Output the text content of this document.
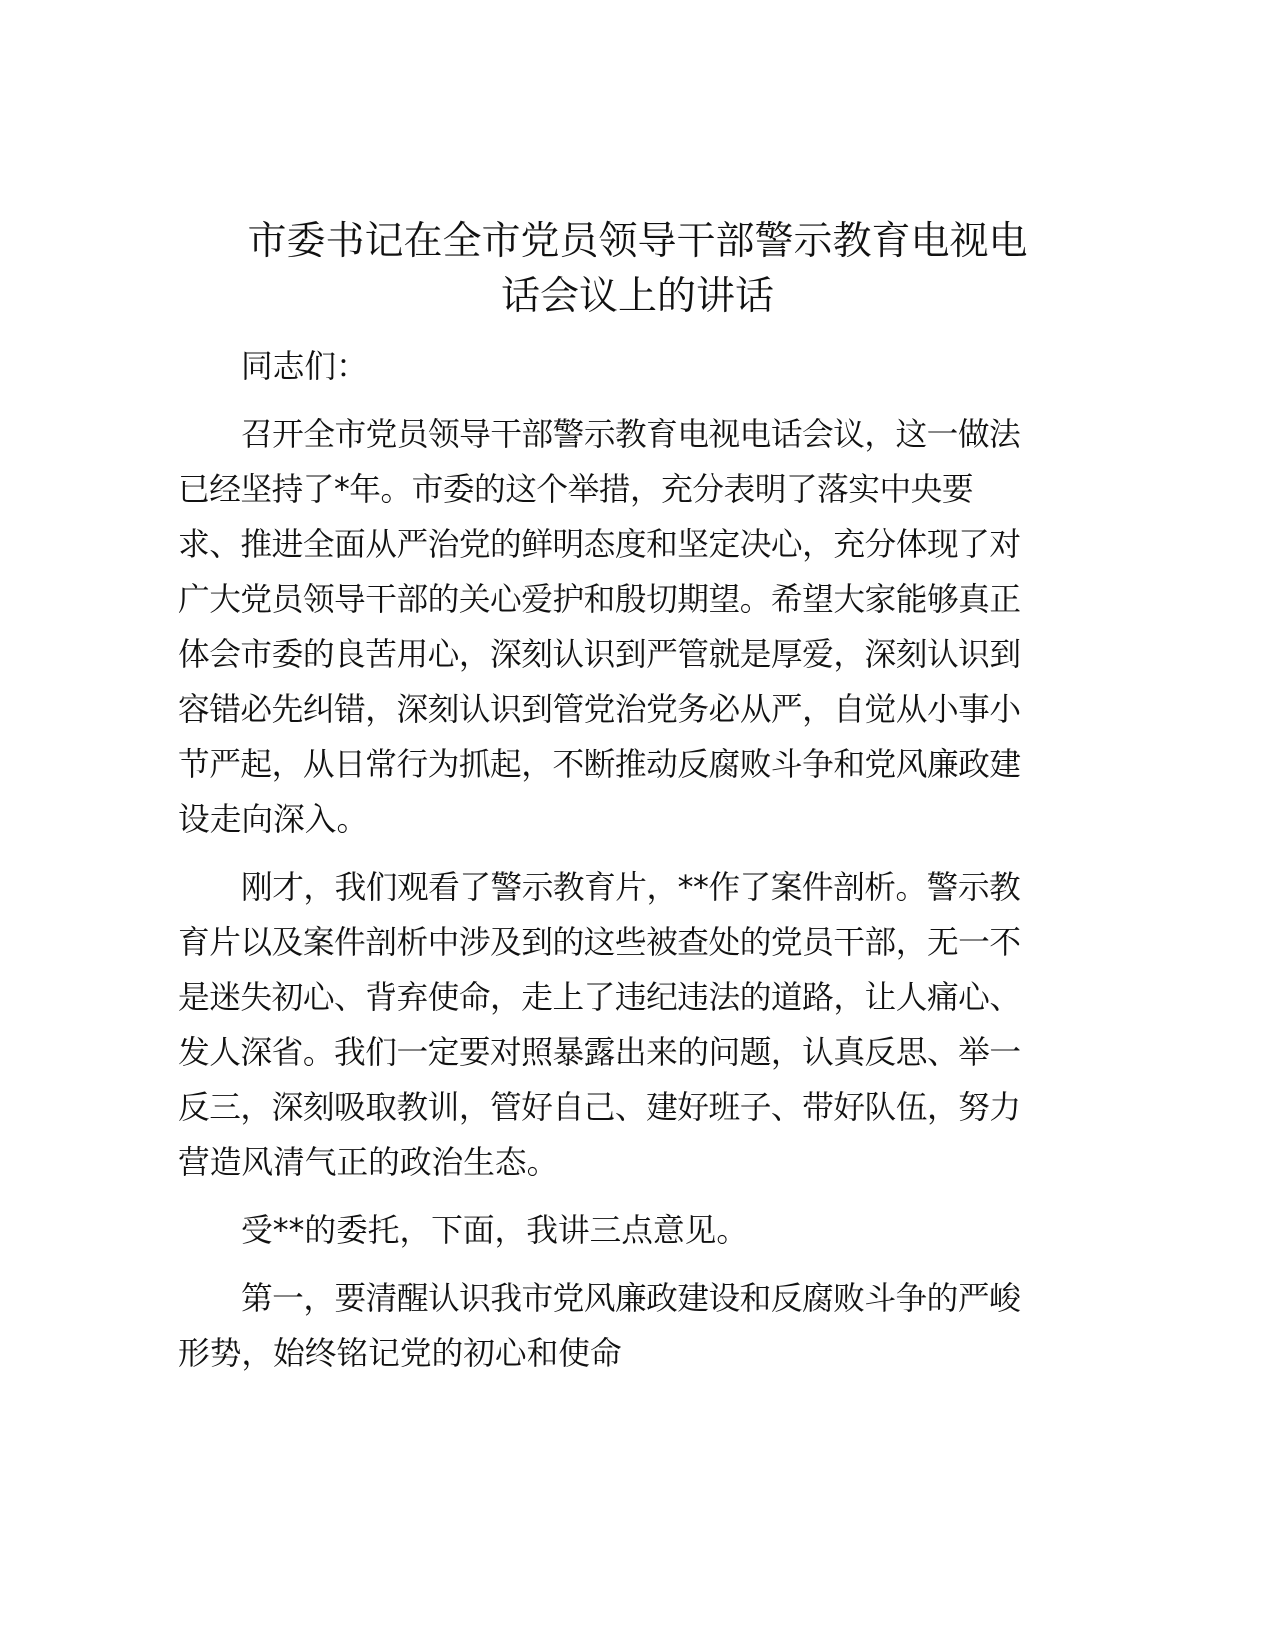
市委书记在全市党员领导干部警示教育电视电
话会议上的讲话
同志们：
召开全市党员领导干部警示教育电视电话会议，这一做法
已经坚持了*年。市委的这个举措，充分表明了落实中央要
求、推进全面从严治党的鲜明态度和坚定决心，充分体现了对
广大党员领导干部的关心爱护和殷切期望。希望大家能够真正
体会市委的良苦用心，深刻认识到严管就是厚爱，深刻认识到
容错必先纠错，深刻认识到管党治党务必从严，自觉从小事小
节严起，从日常行为抓起，不断推动反腐败斗争和党风廉政建
设走向深入。
刚才，我们观看了警示教育片，**作了案件剖析。警示教
育片以及案件剖析中涉及到的这些被查处的党员干部，无一不
是迷失初心、背弃使命，走上了违纪违法的道路，让人痛心、
发人深省。我们一定要对照暴露出来的问题，认真反思、举一
反三，深刻吸取教训，管好自己、建好班子、带好队伍，努力
营造风清气正的政治生态。
受**的委托，下面，我讲三点意见。
第一，要清醒认识我市党风廉政建设和反腐败斗争的严峻
形势，始终铭记党的初心和使命
